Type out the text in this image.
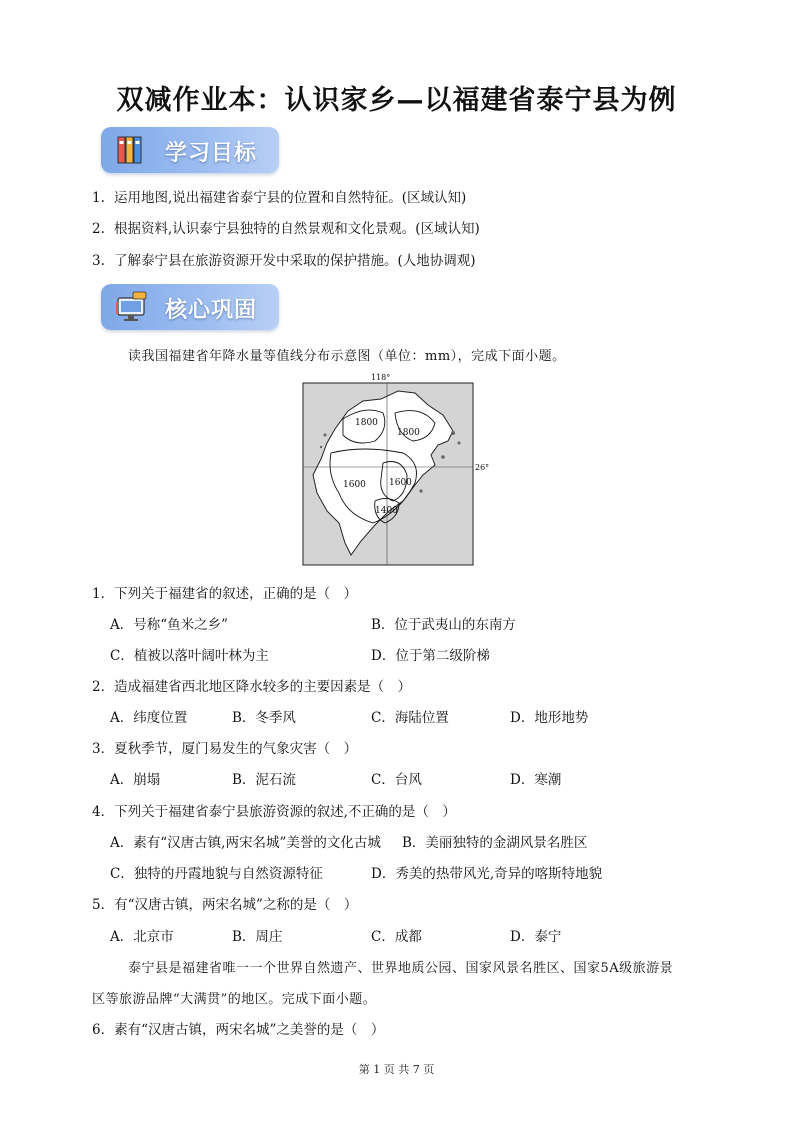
双减作业本：认识家乡—以福建省泰宁县为例
学习目标
1. 运用地图,说出福建省泰宁县的位置和自然特征。(区域认知)
2. 根据资料,认识泰宁县独特的自然景观和文化景观。(区域认知)
3. 了解泰宁县在旅游资源开发中采取的保护措施。(人地协调观)
核心巩固
读我国福建省年降水量等值线分布示意图（单位：mm），完成下面小题。
118°
26°
1800
1800
1600	1600
1400
1．下列关于福建省的叙述，正确的是（　）
A．号称“鱼米之乡”	B．位于武夷山的东南方
C．植被以落叶阔叶林为主	D．位于第二级阶梯
2．造成福建省西北地区降水较多的主要因素是（　）
A．纬度位置	B．冬季风	C．海陆位置	D．地形地势
3．夏秋季节，厦门易发生的气象灾害（　）
A．崩塌	B．泥石流	C．台风	D．寒潮
4．下列关于福建省泰宁县旅游资源的叙述,不正确的是（　）
A．素有“汉唐古镇,两宋名城”美誉的文化古城 B．美丽独特的金湖风景名胜区
C．独特的丹霞地貌与自然资源特征	D．秀美的热带风光,奇异的喀斯特地貌
5．有“汉唐古镇，两宋名城”之称的是（　）
A．北京市	B．周庄	C．成都	D．泰宁
泰宁县是福建省唯一一个世界自然遗产、世界地质公园、国家风景名胜区、国家5A级旅游景
区等旅游品牌“大满贯”的地区。完成下面小题。
6．素有“汉唐古镇，两宋名城”之美誉的是（　）
第 1 页 共 7 页
